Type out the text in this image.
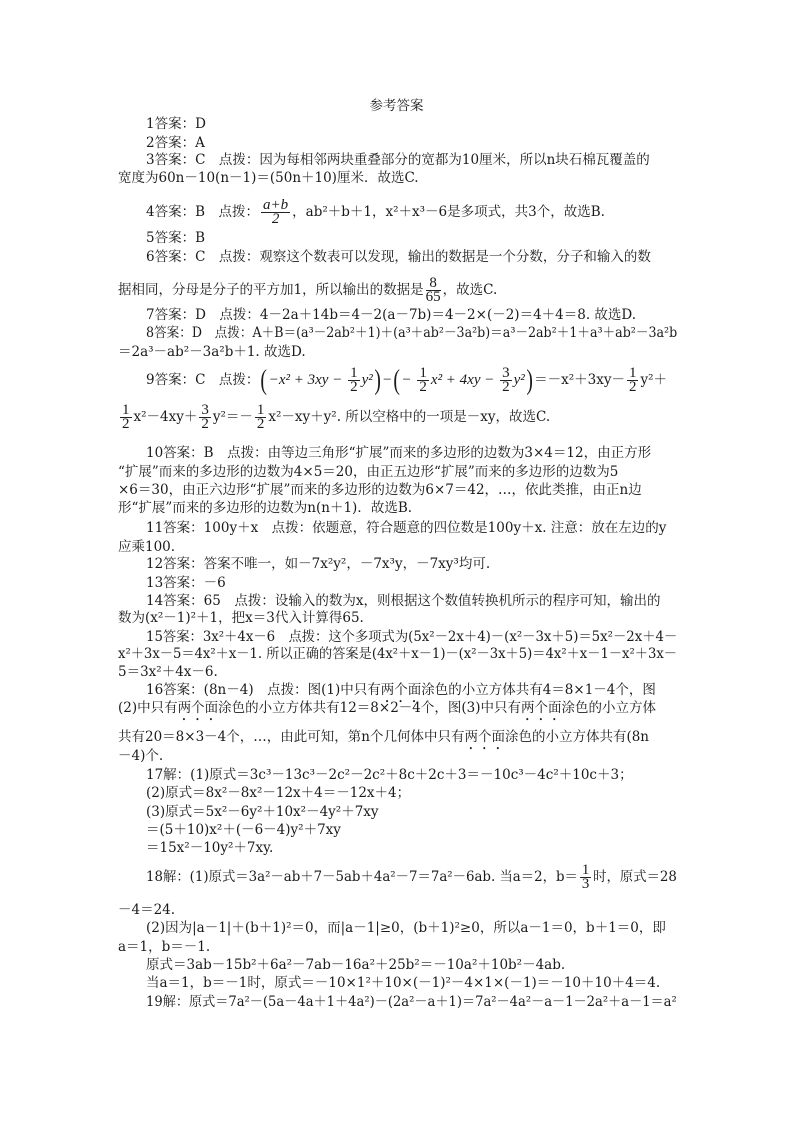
参考答案
1答案：D
2答案：A
3答案：C　点拨：因为每相邻两块重叠部分的宽都为10厘米，所以n块石棉瓦覆盖的
宽度为60n－10(n－1)＝(50n＋10)厘米．故选C.
4答案：B　点拨： $\frac{a+b}{2}$ ，ab²＋b＋1，x²＋x³－6是多项式，共3个，故选B.
5答案：B
6答案：C　点拨：观察这个数表可以发现，输出的数据是一个分数，分子和输入的数
据相同，分母是分子的平方加1，所以输出的数据是 $\frac{8}{65}$ ，故选C.
7答案：D　点拨：4－2a＋14b＝4－2(a－7b)＝4－2×(－2)＝4＋4＝8. 故选D.
8答案：D　点拨：A＋B＝(a³－2ab²＋1)＋(a³＋ab²－3a²b)＝a³－2ab²＋1＋a³＋ab²－3a²b
＝2a³－ab²－3a²b＋1. 故选D.
9答案：C　点拨：$(-x^2 + 3xy - \frac{1}{2} y^2)-(- \frac{1}{2} x^2 + 4xy - \frac{3}{2} y^2)=-x^2+3xy- \frac{1}{2} y^2+$
$\frac{1}{2} x^2-4xy+ \frac{3}{2} y^2=- \frac{1}{2} x^2-xy+y^2$. 所以空格中的一项是－xy，故选C.
10答案：B　点拨：由等边三角形“扩展”而来的多边形的边数为3×4＝12，由正方形
“扩展”而来的多边形的边数为4×5＝20，由正五边形“扩展”而来的多边形的边数为5
×6＝30，由正六边形“扩展”而来的多边形的边数为6×7＝42，…，依此类推，由正n边
形“扩展”而来的多边形的边数为n(n＋1)．故选B.
11答案：100y＋x　点拨：依题意，符合题意的四位数是100y＋x. 注意：放在左边的y
应乘100.
12答案：答案不唯一，如－7x²y²，－7x³y，－7xy³均可.
13答案：－6
14答案：65　点拨：设输入的数为x，则根据这个数值转换机所示的程序可知，输出的
数为(x²－1)²＋1，把x＝3代入计算得65.
15答案：3x²＋4x－6　点拨：这个多项式为(5x²－2x＋4)－(x²－3x＋5)＝5x²－2x＋4－
x²＋3x－5＝4x²＋x－1. 所以正确的答案是(4x²＋x－1)－(x²－3x＋5)＝4x²＋x－1－x²＋3x－
5＝3x²＋4x－6.
16答案：(8n－4)　点拨：图(1)中只有两个面涂色的小立方体共有4＝8×1－4个，图
(2)中只有两个面涂色的小立方体共有12＝8×2－4个，图(3)中只有两个面涂色的小立方体
共有20＝8×3－4个，…，由此可知，第n个几何体中只有两个面涂色的小立方体共有(8n
－4)个.
17解：(1)原式＝3c³－13c³－2c²－2c²＋8c＋2c＋3＝－10c³－4c²＋10c＋3；
(2)原式＝8x²－8x²－12x＋4＝－12x＋4；
(3)原式＝5x²－6y²＋10x²－4y²＋7xy
＝(5＋10)x²＋(－6－4)y²＋7xy
＝15x²－10y²＋7xy.
18解：(1)原式＝3a²－ab＋7－5ab＋4a²－7＝7a²－6ab. 当a＝2，$b= \frac{1}{3}$ 时，原式＝28
－4＝24.
(2)因为|a－1|＋(b＋1)²＝0，而|a－1|≥0，(b＋1)²≥0，所以a－1＝0，b＋1＝0，即
a＝1，b＝－1.
原式＝3ab－15b²＋6a²－7ab－16a²＋25b²＝－10a²＋10b²－4ab.
当a＝1，b＝－1时，原式＝－10×1²＋10×(－1)²－4×1×(－1)＝－10＋10＋4＝4.
19解：原式＝7a²－(5a－4a＋1＋4a²)－(2a²－a＋1)＝7a²－4a²－a－1－2a²＋a－1＝a²
